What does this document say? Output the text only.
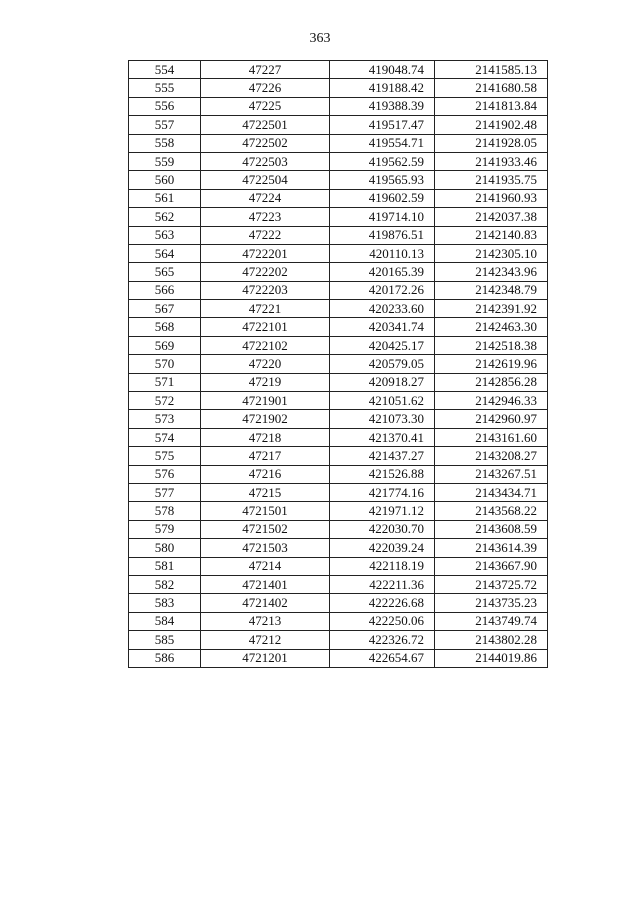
363
554	47227	419048.74	2141585.13
555	47226	419188.42	2141680.58
556	47225	419388.39	2141813.84
557	4722501	419517.47	2141902.48
558	4722502	419554.71	2141928.05
559	4722503	419562.59	2141933.46
560	4722504	419565.93	2141935.75
561	47224	419602.59	2141960.93
562	47223	419714.10	2142037.38
563	47222	419876.51	2142140.83
564	4722201	420110.13	2142305.10
565	4722202	420165.39	2142343.96
566	4722203	420172.26	2142348.79
567	47221	420233.60	2142391.92
568	4722101	420341.74	2142463.30
569	4722102	420425.17	2142518.38
570	47220	420579.05	2142619.96
571	47219	420918.27	2142856.28
572	4721901	421051.62	2142946.33
573	4721902	421073.30	2142960.97
574	47218	421370.41	2143161.60
575	47217	421437.27	2143208.27
576	47216	421526.88	2143267.51
577	47215	421774.16	2143434.71
578	4721501	421971.12	2143568.22
579	4721502	422030.70	2143608.59
580	4721503	422039.24	2143614.39
581	47214	422118.19	2143667.90
582	4721401	422211.36	2143725.72
583	4721402	422226.68	2143735.23
584	47213	422250.06	2143749.74
585	47212	422326.72	2143802.28
586	4721201	422654.67	2144019.86
